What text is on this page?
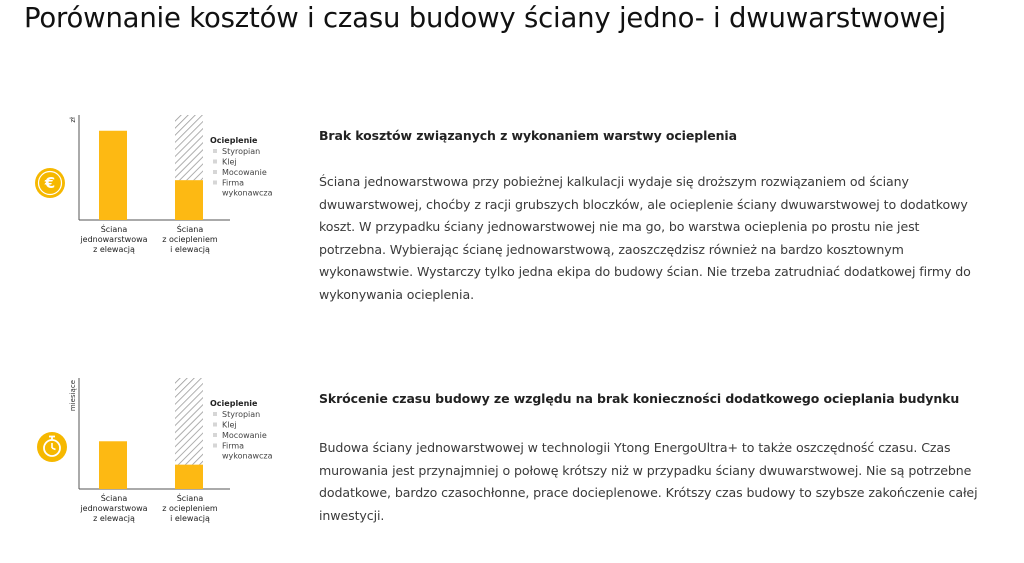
Porównanie kosztów i czasu budowy ściany jedno- i dwuwarstwowej
€
zł
Ściana jednowarstwowa z elewacją
Ściana z ociepleniem i elewacją
Ocieplenie
Styropian
Klej
Mocowanie
Firma
wykonawcza
Brak kosztów związanych z wykonaniem warstwy ocieplenia

Ściana jednowarstwowa przy pobieżnej kalkulacji wydaje się droższym rozwiązaniem od ściany dwuwarstwowej, choćby z racji grubszych bloczków, ale ocieplenie ściany dwuwarstwowej to dodatkowy koszt. W przypadku ściany jednowarstwowej nie ma go, bo warstwa ocieplenia po prostu nie jest potrzebna. Wybierając ścianę jednowarstwową, zaoszczędzisz również na bardzo kosztownym wykonawstwie. Wystarczy tylko jedna ekipa do budowy ścian. Nie trzeba zatrudniać dodatkowej firmy do wykonywania ocieplenia.

miesiące
Ściana jednowarstwowa z elewacją
Ściana z ociepleniem i elewacją
Ocieplenie
Styropian
Klej
Mocowanie
Firma
wykonawcza
Skrócenie czasu budowy ze względu na brak konieczności dodatkowego ocieplania budynku

Budowa ściany jednowarstwowej w technologii Ytong EnergoUltra+ to także oszczędność czasu. Czas murowania jest przynajmniej o połowę krótszy niż w przypadku ściany dwuwarstwowej. Nie są potrzebne dodatkowe, bardzo czasochłonne, prace docieplenowe. Krótszy czas budowy to szybsze zakończenie całej inwestycji.
